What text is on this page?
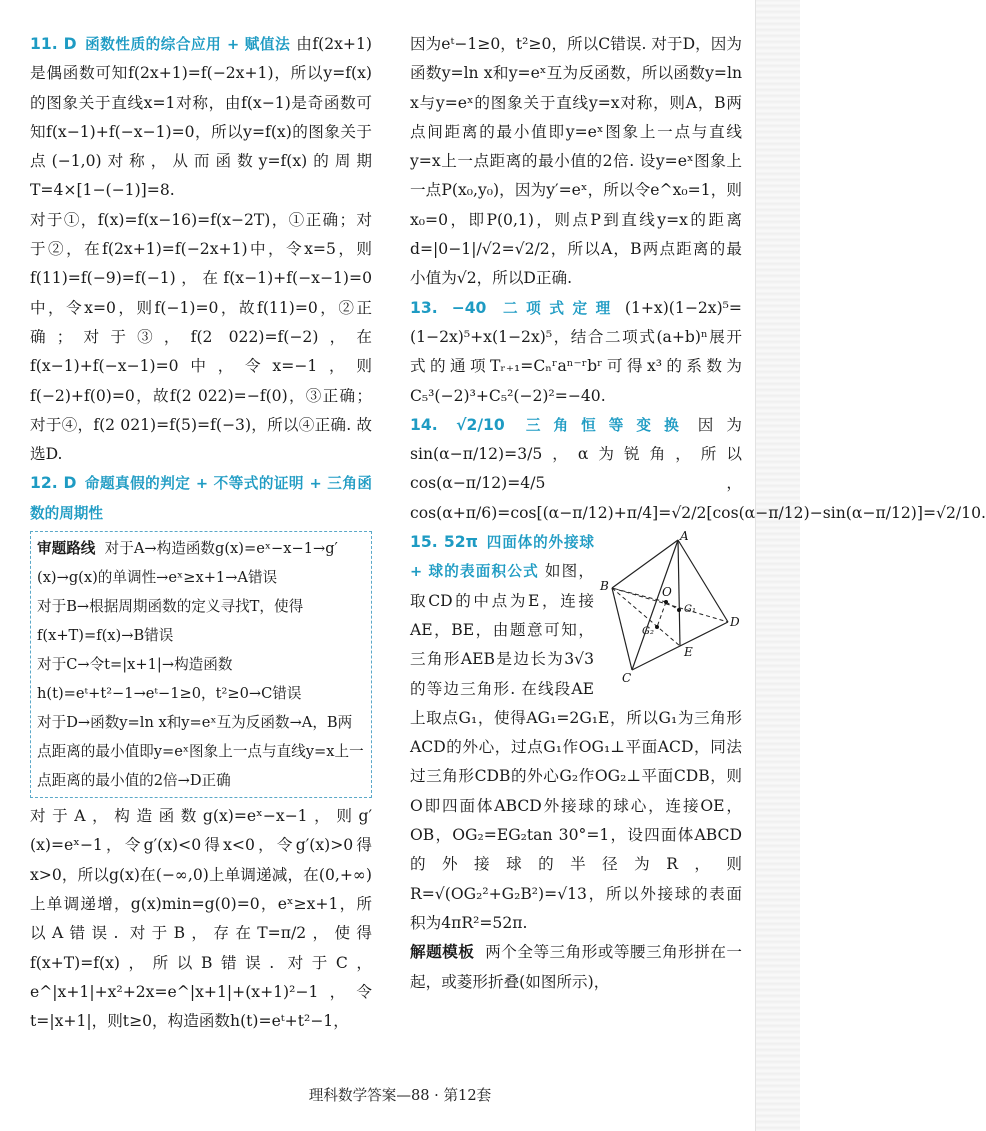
11. D 函数性质的综合应用 + 赋值法 由f(2x+1)是偶函数可知f(2x+1)=f(−2x+1)，所以y=f(x)的图象关于直线x=1对称，由f(x−1)是奇函数可知f(x−1)+f(−x−1)=0，所以y=f(x)的图象关于点(−1,0)对称，从而函数y=f(x)的周期T=4×[1−(−1)]=8.

对于①，f(x)=f(x−16)=f(x−2T)，①正确；对于②，在f(2x+1)=f(−2x+1)中，令x=5，则f(11)=f(−9)=f(−1)，在f(x−1)+f(−x−1)=0中，令x=0，则f(−1)=0，故f(11)=0，②正确；对于③，f(2 022)=f(−2)，在f(x−1)+f(−x−1)=0中，令x=−1，则f(−2)+f(0)=0，故f(2 022)=−f(0)，③正确；对于④，f(2 021)=f(5)=f(−3)，所以④正确. 故选D.

12. D 命题真假的判定 + 不等式的证明 + 三角函数的周期性

审题路线 对于A→构造函数g(x)=eˣ−x−1→g′(x)→g(x)的单调性→eˣ≥x+1→A错误
对于B→根据周期函数的定义寻找T，使得f(x+T)=f(x)→B错误
对于C→令t=|x+1|→构造函数h(t)=eᵗ+t²−1→eᵗ−1≥0，t²≥0→C错误
对于D→函数y=ln x和y=eˣ互为反函数→A，B两点距离的最小值即y=eˣ图象上一点与直线y=x上一点距离的最小值的2倍→D正确

对于A，构造函数g(x)=eˣ−x−1，则g′(x)=eˣ−1，令g′(x)<0得x<0，令g′(x)>0得x>0，所以g(x)在(−∞,0)上单调递减，在(0,+∞)上单调递增，g(x)min=g(0)=0，eˣ≥x+1，所以A错误. 对于B，存在T=π/2，使得f(x+T)=f(x)，所以B错误. 对于C，e^|x+1|+x²+2x=e^|x+1|+(x+1)²−1，令t=|x+1|，则t≥0，构造函数h(t)=eᵗ+t²−1，

因为eᵗ−1≥0，t²≥0，所以C错误. 对于D，因为函数y=ln x和y=eˣ互为反函数，所以函数y=ln x与y=eˣ的图象关于直线y=x对称，则A，B两点间距离的最小值即y=eˣ图象上一点与直线y=x上一点距离的最小值的2倍. 设y=eˣ图象上一点P(x₀,y₀)，因为y′=eˣ，所以令e^x₀=1，则x₀=0，即P(0,1)，则点P到直线y=x的距离d=|0−1|/√2=√2/2，所以A，B两点距离的最小值为√2，所以D正确.

13. −40 二项式定理 (1+x)(1−2x)⁵=(1−2x)⁵+x(1−2x)⁵，结合二项式(a+b)ⁿ展开式的通项Tᵣ₊₁=Cₙʳaⁿ⁻ʳbʳ可得x³的系数为C₅³(−2)³+C₅²(−2)²=−40.

14. √2/10 三角恒等变换 因为sin(α−π/12)=3/5，α为锐角，所以cos(α−π/12)=4/5，cos(α+π/6)=cos[(α−π/12)+π/4]=√2/2[cos(α−π/12)−sin(α−π/12)]=√2/10.

A
B
C
D
O
G₁
G₂
E

15. 52π 四面体的外接球 + 球的表面积公式 如图，取CD的中点为E，连接AE，BE，由题意可知，三角形AEB是边长为3√3的等边三角形. 在线段AE上取点G₁，使得AG₁=2G₁E，所以G₁为三角形ACD的外心，过点G₁作OG₁⊥平面ACD，同法过三角形CDB的外心G₂作OG₂⊥平面CDB，则O即四面体ABCD外接球的球心，连接OE，OB，OG₂=EG₂tan 30°=1，设四面体ABCD的外接球的半径为R，则R=√(OG₂²+G₂B²)=√13，所以外接球的表面积为4πR²=52π.

解题模板 两个全等三角形或等腰三角形拼在一起，或菱形折叠(如图所示)，

理科数学答案—88 · 第12套
